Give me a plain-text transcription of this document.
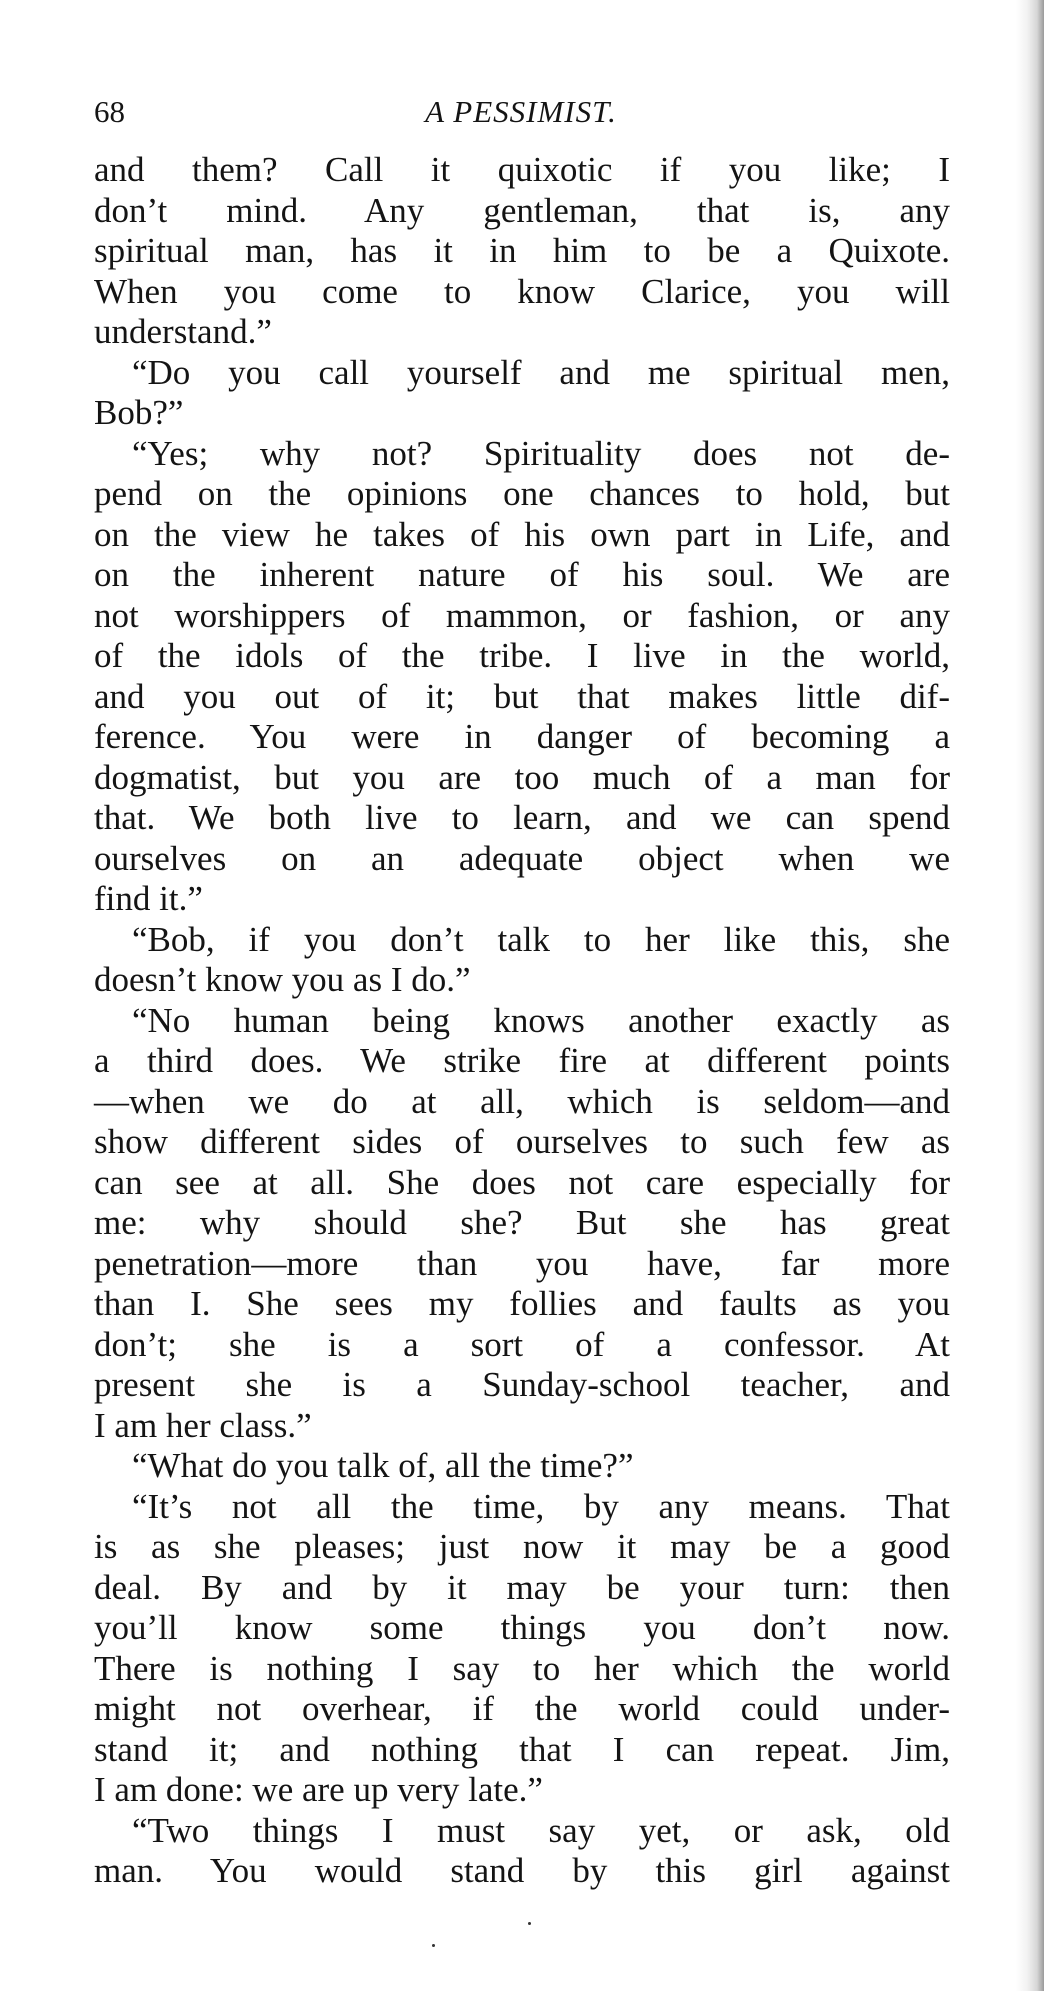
68	A PESSIMIST.
and them? Call it quixotic if you like; I
don’t mind. Any gentleman, that is, any
spiritual man, has it in him to be a Quixote.
When you come to know Clarice, you will
understand.”
“Do you call yourself and me spiritual men,
Bob?”
“Yes; why not? Spirituality does not de-
pend on the opinions one chances to hold, but
on the view he takes of his own part in Life, and
on the inherent nature of his soul. We are
not worshippers of mammon, or fashion, or any
of the idols of the tribe. I live in the world,
and you out of it; but that makes little dif-
ference. You were in danger of becoming a
dogmatist, but you are too much of a man for
that. We both live to learn, and we can spend
ourselves on an adequate object when we
find it.”
“Bob, if you don’t talk to her like this, she
doesn’t know you as I do.”
“No human being knows another exactly as
a third does. We strike fire at different points
—when we do at all, which is seldom—and
show different sides of ourselves to such few as
can see at all. She does not care especially for
me: why should she? But she has great
penetration—more than you have, far more
than I. She sees my follies and faults as you
don’t; she is a sort of a confessor. At
present she is a Sunday-school teacher, and
I am her class.”
“What do you talk of, all the time?”
“It’s not all the time, by any means. That
is as she pleases; just now it may be a good
deal. By and by it may be your turn: then
you’ll know some things you don’t now.
There is nothing I say to her which the world
might not overhear, if the world could under-
stand it; and nothing that I can repeat. Jim,
I am done: we are up very late.”
“Two things I must say yet, or ask, old
man. You would stand by this girl against
